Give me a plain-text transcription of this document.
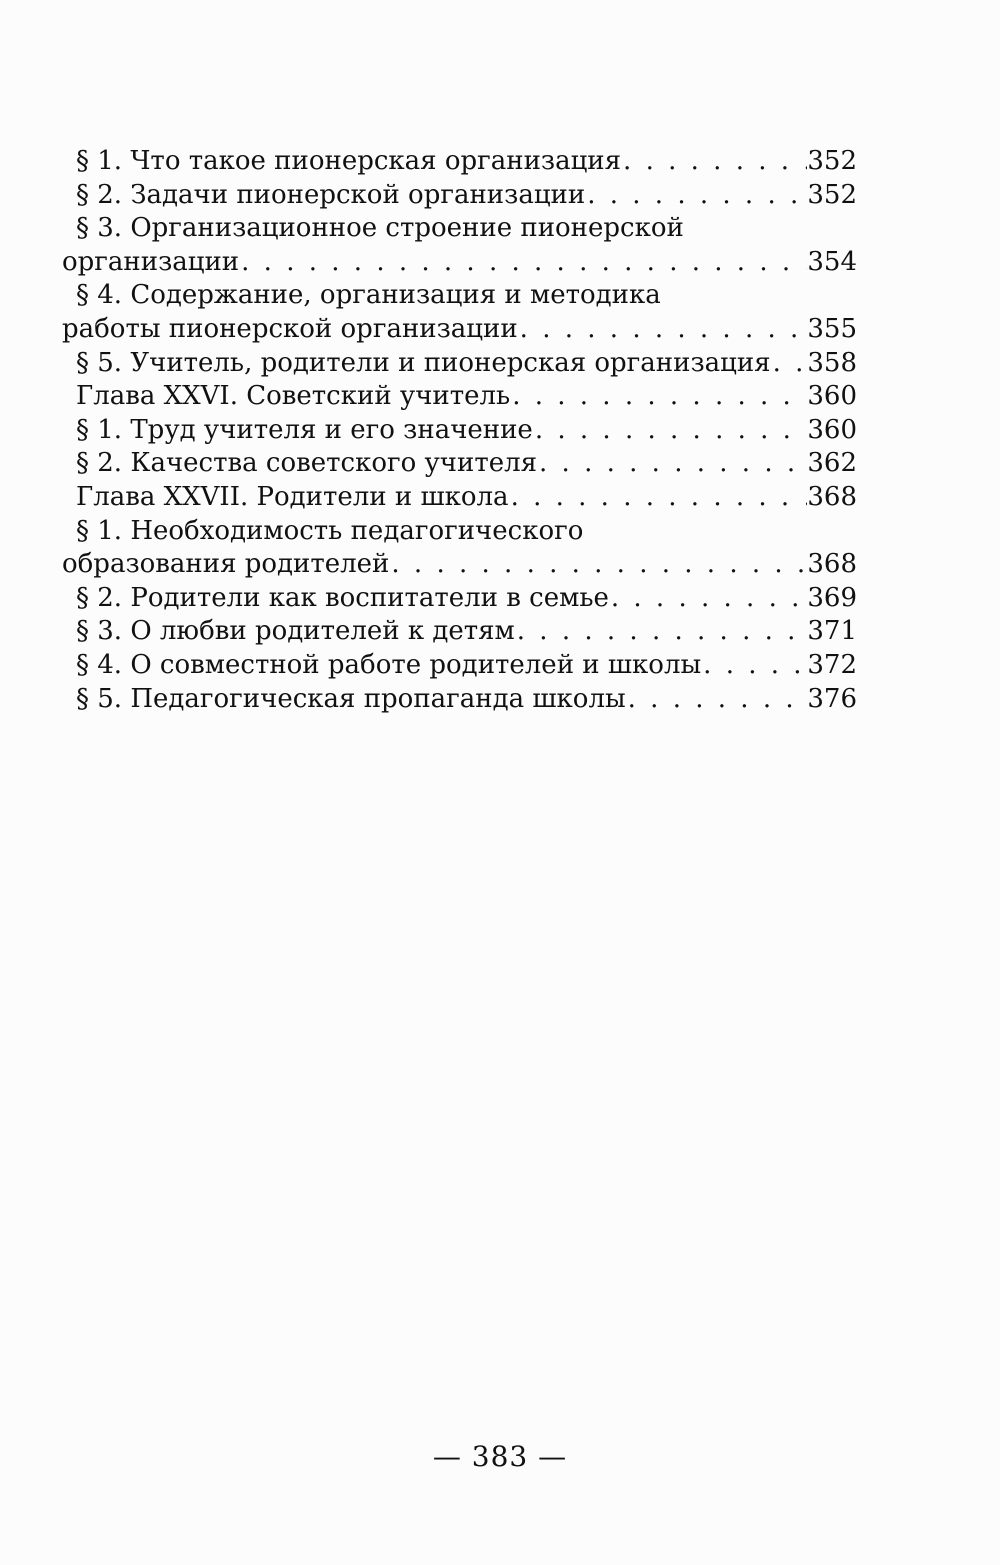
§ 1. Что такое пионерская организация . . .	352
§ 2. Задачи пионерской организации . . .	352
§ 3. Организационное строение пионерской
организации . . .	354
§ 4. Содержание, организация и методика
работы пионерской организации . . .	355
§ 5. Учитель, родители и пионерская организация . . . 358
Глава XXVI. Советский учитель . . .	360
§ 1. Труд учителя и его значение . . .	360
§ 2. Качества советского учителя . . .	362
Глава XXVII. Родители и школа . . .	368
§ 1. Необходимость педагогического
образования родителей . . .	368
§ 2. Родители как воспитатели в семье . . .	369
§ 3. О любви родителей к детям . . .	371
§ 4. О совместной работе родителей и школы . . .	372
§ 5. Педагогическая пропаганда школы . . .	376
— 383 —
